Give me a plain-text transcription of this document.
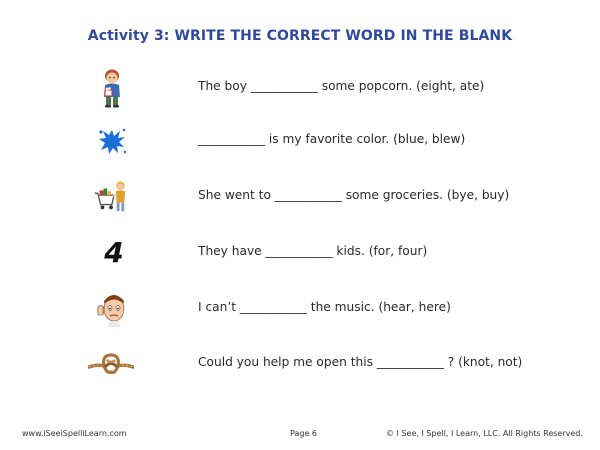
Activity 3: WRITE THE CORRECT WORD IN THE BLANK
The boy ___________ some popcorn. (eight, ate)
___________ is my favorite color. (blue, blew)
She went to ___________ some groceries. (bye, buy)
4	They have ___________ kids. (for, four)
I can’t ___________ the music. (hear, here)
Could you help me open this ___________ ? (knot, not)
www.iSeeiSpelliLearn.com	Page 6	© I See, I Spell, I Learn, LLC. All Rights Reserved.
